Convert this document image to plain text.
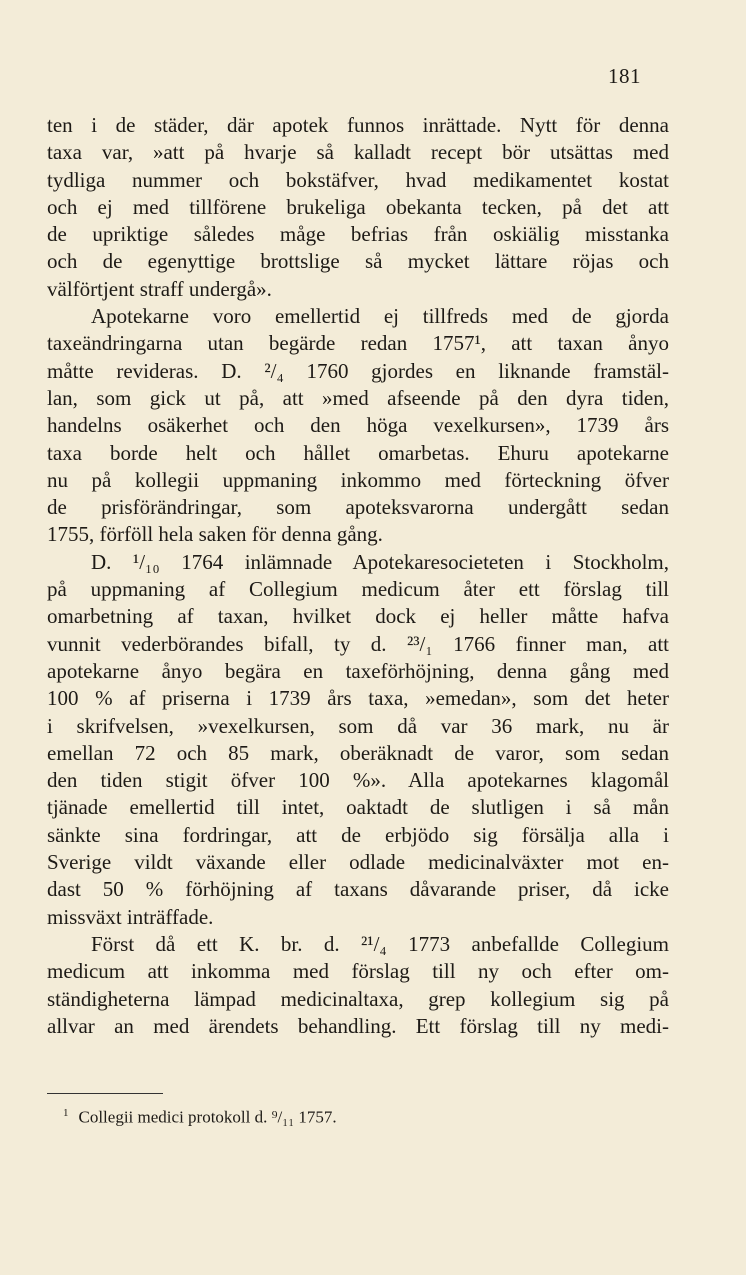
181
ten i de städer, där apotek funnos inrättade. Nytt för denna
taxa var, »att på hvarje så kalladt recept bör utsättas med
tydliga nummer och bokstäfver, hvad medikamentet kostat
och ej med tillförene brukeliga obekanta tecken, på det att
de upriktige således måge befrias från oskiälig misstanka
och de egenyttige brottslige så mycket lättare röjas och
välförtjent straff undergå».
Apotekarne voro emellertid ej tillfreds med de gjorda
taxeändringarna utan begärde redan 1757¹, att taxan ånyo
måtte revideras. D. ²/₄ 1760 gjordes en liknande framstäl-
lan, som gick ut på, att »med afseende på den dyra tiden,
handelns osäkerhet och den höga vexelkursen», 1739 års
taxa borde helt och hållet omarbetas. Ehuru apotekarne
nu på kollegii uppmaning inkommo med förteckning öfver
de prisförändringar, som apoteksvarorna undergått sedan
1755, förföll hela saken för denna gång.
D. ¹/₁₀ 1764 inlämnade Apotekaresocieteten i Stockholm,
på uppmaning af Collegium medicum åter ett förslag till
omarbetning af taxan, hvilket dock ej heller måtte hafva
vunnit vederbörandes bifall, ty d. ²³/₁ 1766 finner man, att
apotekarne ånyo begära en taxeförhöjning, denna gång med
100 % af priserna i 1739 års taxa, »emedan», som det heter
i skrifvelsen, »vexelkursen, som då var 36 mark, nu är
emellan 72 och 85 mark, oberäknadt de varor, som sedan
den tiden stigit öfver 100 %». Alla apotekarnes klagomål
tjänade emellertid till intet, oaktadt de slutligen i så mån
sänkte sina fordringar, att de erbjödo sig försälja alla i
Sverige vildt växande eller odlade medicinalväxter mot en-
dast 50 % förhöjning af taxans dåvarande priser, då icke
missväxt inträffade.
Först då ett K. br. d. ²¹/₄ 1773 anbefallde Collegium
medicum att inkomma med förslag till ny och efter om-
ständigheterna lämpad medicinaltaxa, grep kollegium sig på
allvar an med ärendets behandling. Ett förslag till ny medi-
$^1$ Collegii medici protokoll d. ⁹/₁₁ 1757.
